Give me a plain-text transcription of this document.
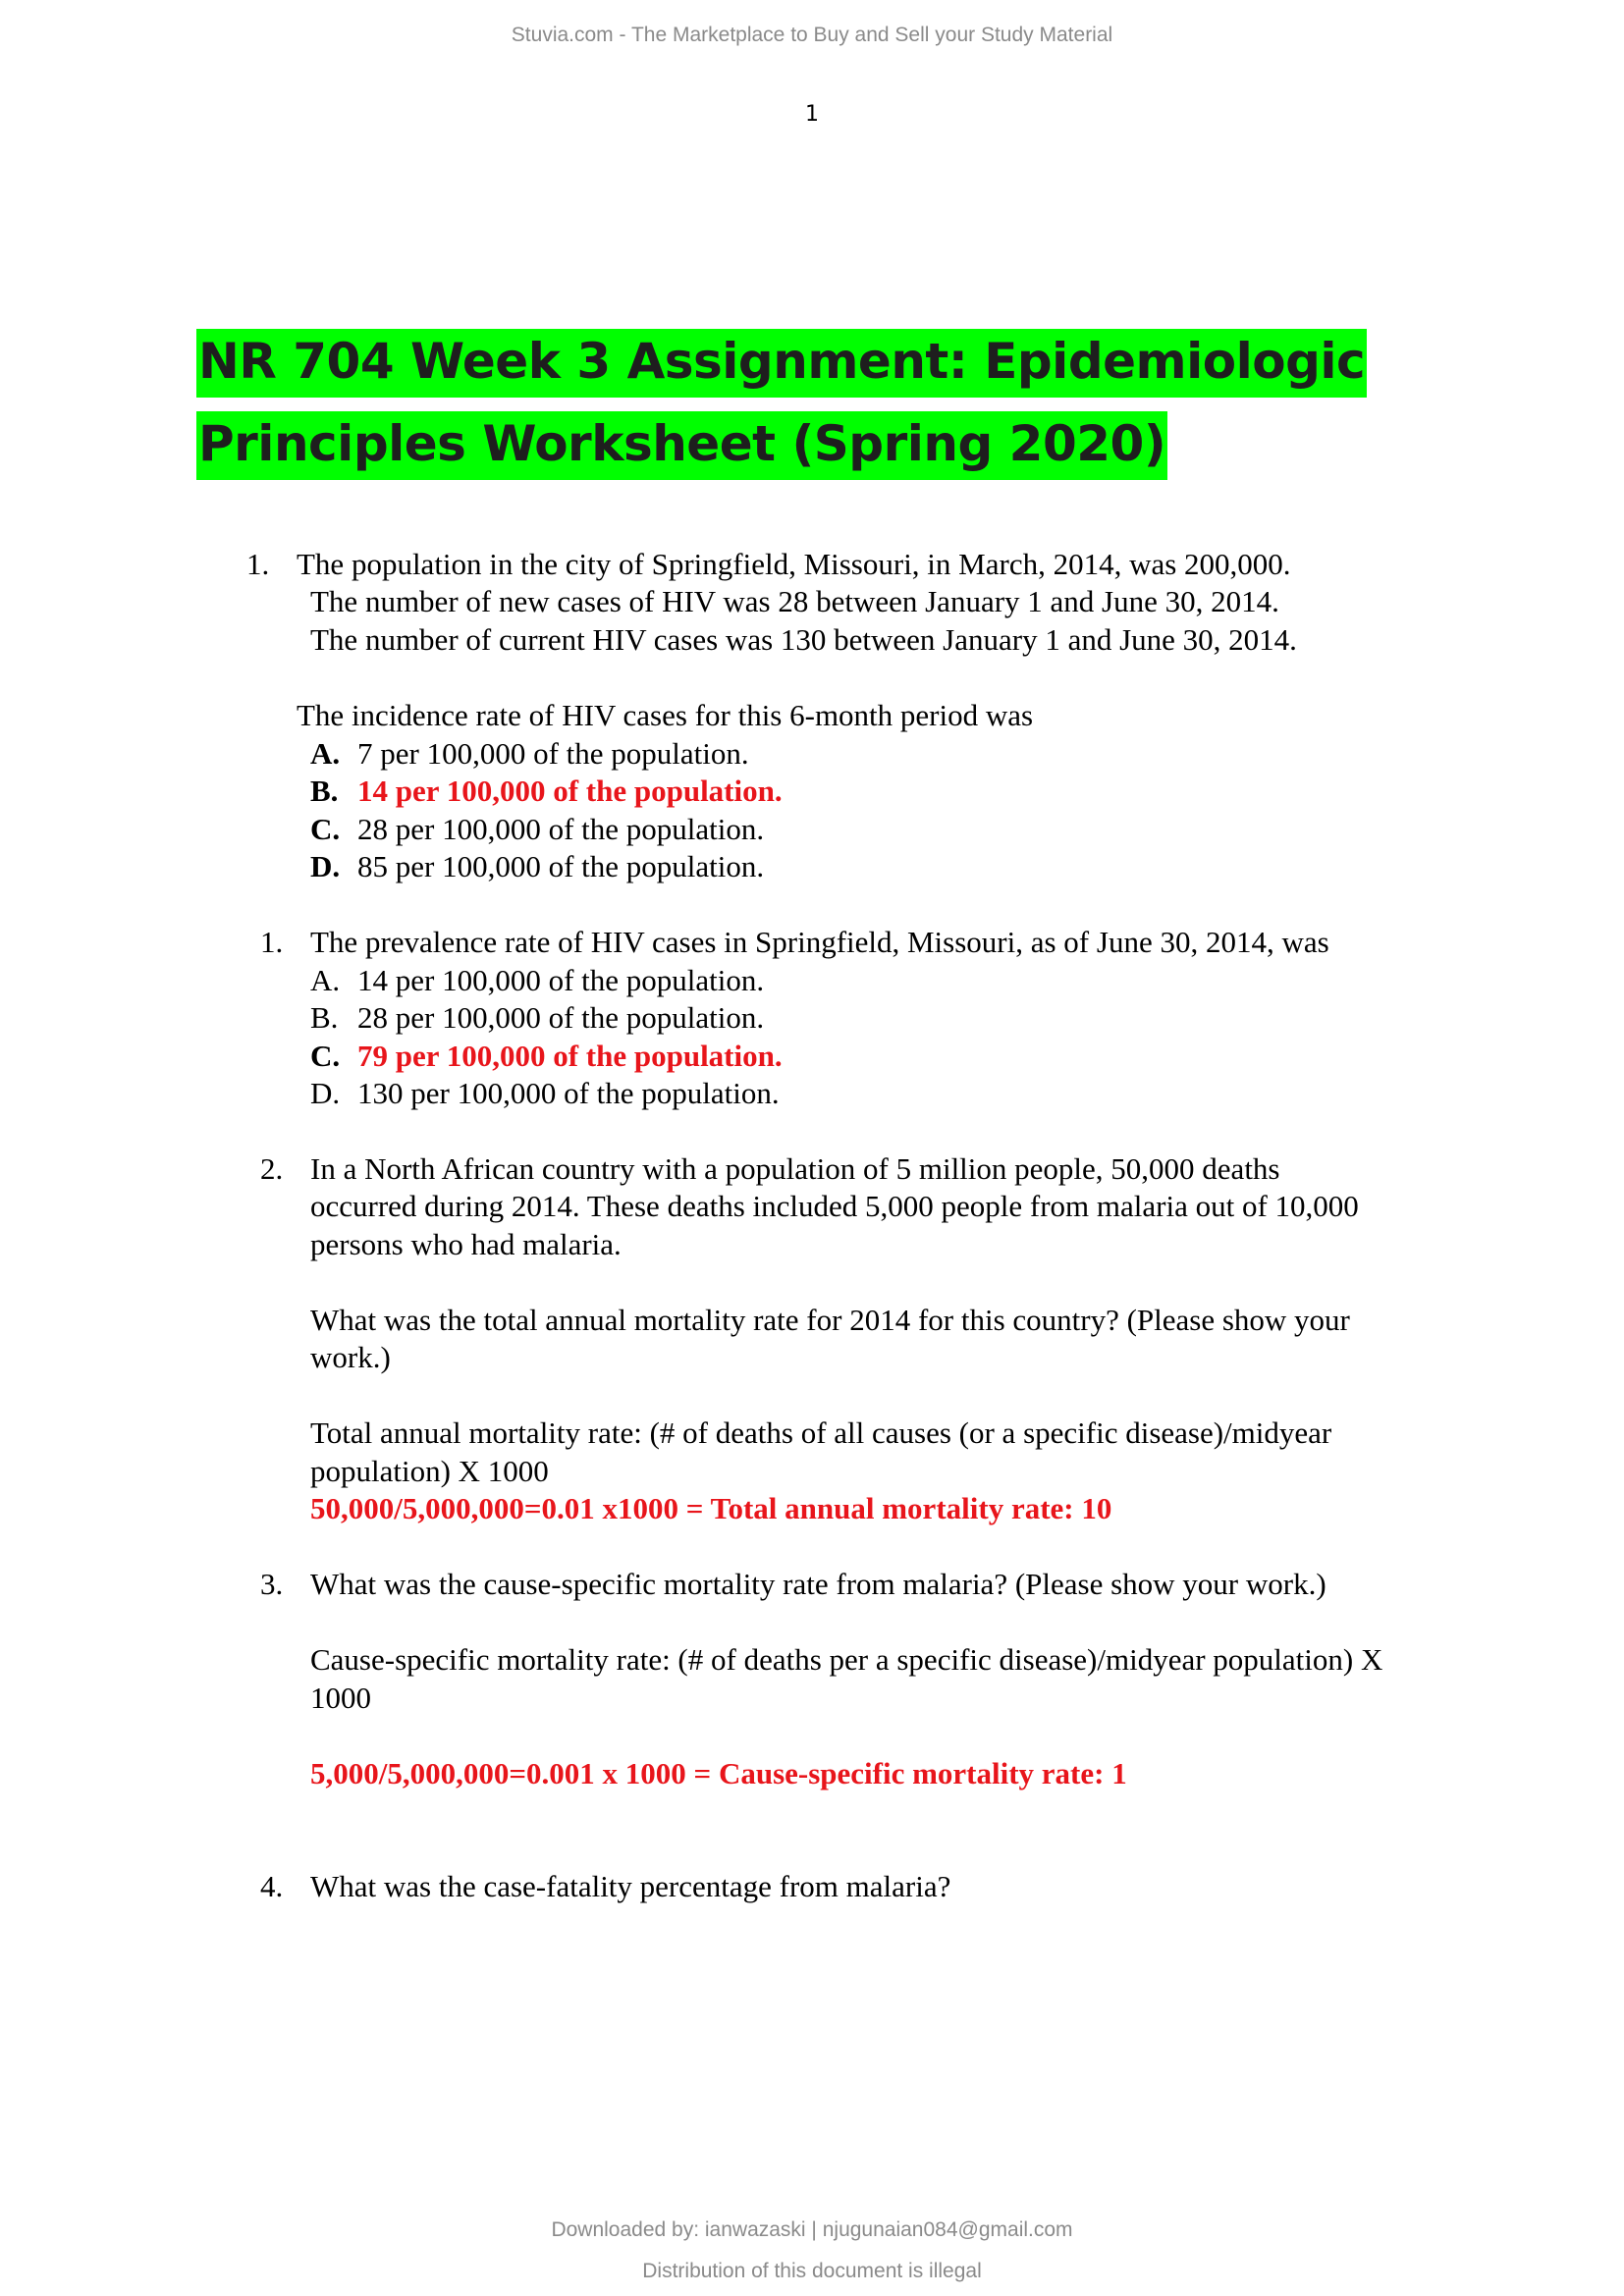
Stuvia.com - The Marketplace to Buy and Sell your Study Material
1
NR 704 Week 3 Assignment: Epidemiologic
Principles Worksheet (Spring 2020)
1. The population in the city of Springfield, Missouri, in March, 2014, was 200,000.
The number of new cases of HIV was 28 between January 1 and June 30, 2014.
The number of current HIV cases was 130 between January 1 and June 30, 2014.
The incidence rate of HIV cases for this 6-month period was
A. 7 per 100,000 of the population.
B. 14 per 100,000 of the population.
C. 28 per 100,000 of the population.
D. 85 per 100,000 of the population.
1. The prevalence rate of HIV cases in Springfield, Missouri, as of June 30, 2014, was
A. 14 per 100,000 of the population.
B. 28 per 100,000 of the population.
C. 79 per 100,000 of the population.
D. 130 per 100,000 of the population.
2. In a North African country with a population of 5 million people, 50,000 deaths
occurred during 2014. These deaths included 5,000 people from malaria out of 10,000
persons who had malaria.
What was the total annual mortality rate for 2014 for this country? (Please show your
work.)
Total annual mortality rate: (# of deaths of all causes (or a specific disease)/midyear
population) X 1000
50,000/5,000,000=0.01 x1000 = Total annual mortality rate: 10
3. What was the cause-specific mortality rate from malaria? (Please show your work.)
Cause-specific mortality rate: (# of deaths per a specific disease)/midyear population) X
1000
5,000/5,000,000=0.001 x 1000 = Cause-specific mortality rate: 1
4. What was the case-fatality percentage from malaria?
Downloaded by: ianwazaski | njugunaian084@gmail.com
Distribution of this document is illegal
